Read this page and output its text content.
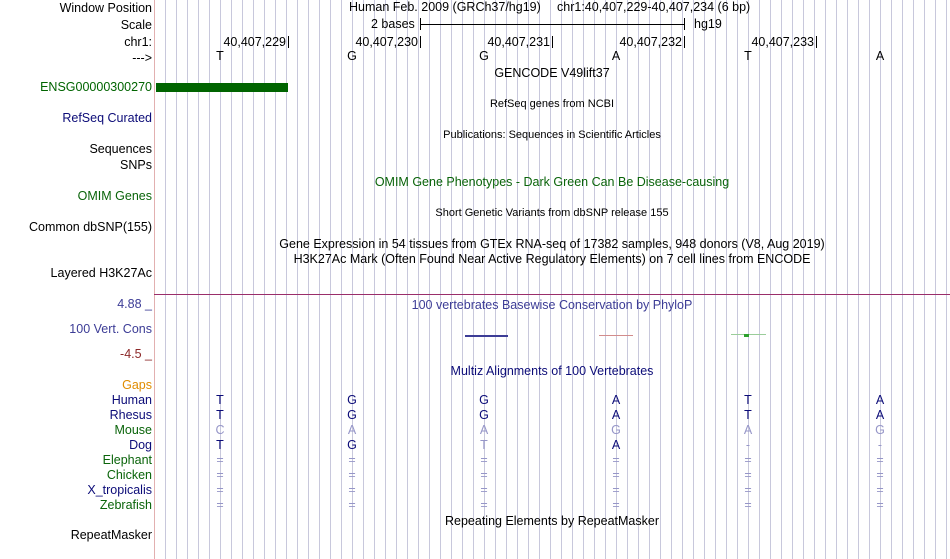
Window Position
Scale
chr1:
--->
Human Feb. 2009 (GRCh37/hg19) chr1:40,407,229-40,407,234 (6 bp)
2 bases	hg19
40,407,229	40,407,230	40,407,231	40,407,232	40,407,233
T	G	G	A	T	A
GENCODE V49lift37
ENSG00000300270
RefSeq genes from NCBI
RefSeq Curated
Publications: Sequences in Scientific Articles
Sequences
SNPs
OMIM Gene Phenotypes - Dark Green Can Be Disease-causing
OMIM Genes
Short Genetic Variants from dbSNP release 155
Common dbSNP(155)
Gene Expression in 54 tissues from GTEx RNA-seq of 17382 samples, 948 donors (V8, Aug 2019)
H3K27Ac Mark (Often Found Near Active Regulatory Elements) on 7 cell lines from ENCODE
Layered H3K27Ac
100 vertebrates Basewise Conservation by PhyloP
4.88 _
100 Vert. Cons
-4.5 _
Multiz Alignments of 100 Vertebrates
Gaps
Human	T	G	G	A	T	A
Rhesus	T	G	G	A	T	A
Mouse	C	A	A	G	A	G
Dog	T	G	T	A	-	-
Elephant	=	=	=	=	=	=
Chicken	=	=	=	=	=	=
X_tropicalis	=	=	=	=	=	=
Zebrafish	=	=	=	=	=	=
Repeating Elements by RepeatMasker
RepeatMasker
